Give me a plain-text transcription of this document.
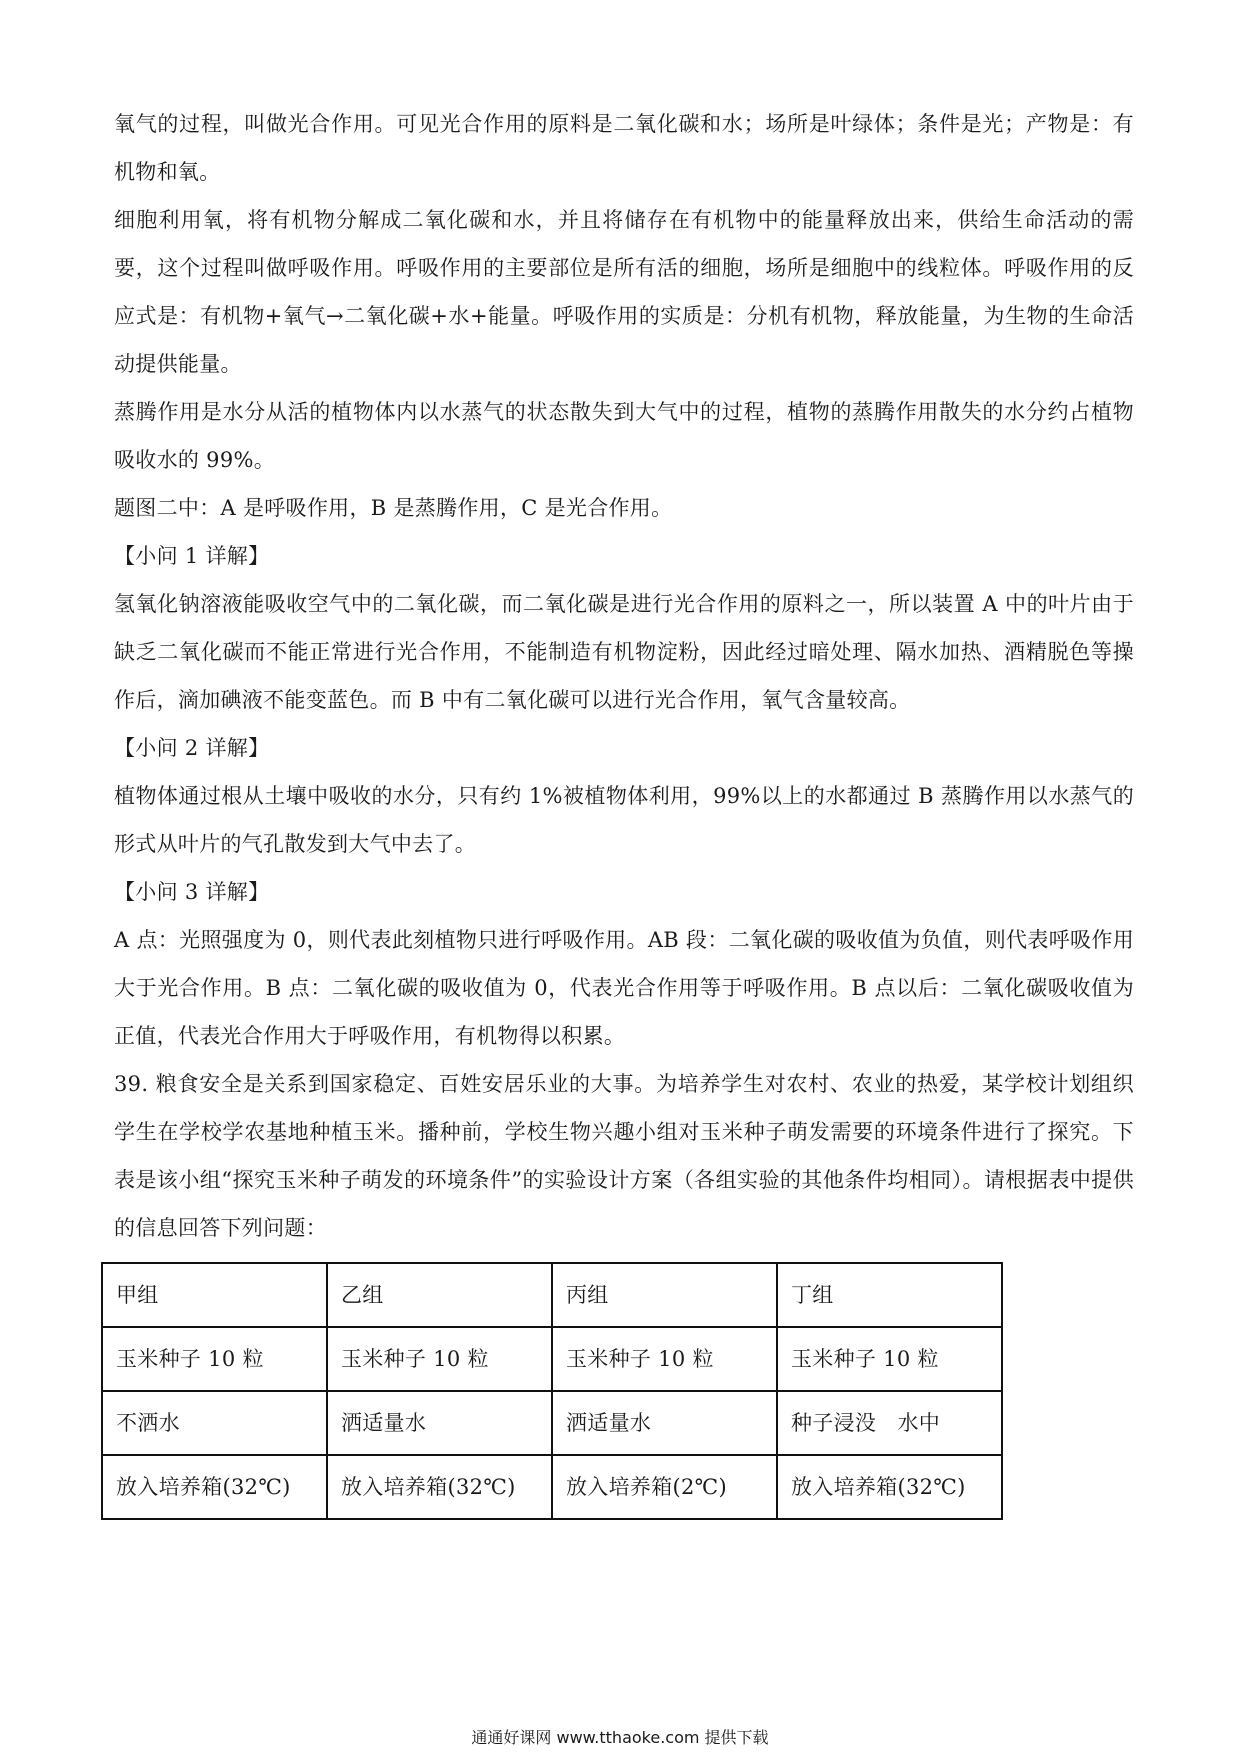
氧气的过程，叫做光合作用。可见光合作用的原料是二氧化碳和水；场所是叶绿体；条件是光；产物是：有机物和氧。

细胞利用氧，将有机物分解成二氧化碳和水，并且将储存在有机物中的能量释放出来，供给生命活动的需要，这个过程叫做呼吸作用。呼吸作用的主要部位是所有活的细胞，场所是细胞中的线粒体。呼吸作用的反应式是：有机物+氧气→二氧化碳+水+能量。呼吸作用的实质是：分机有机物，释放能量，为生物的生命活动提供能量。

蒸腾作用是水分从活的植物体内以水蒸气的状态散失到大气中的过程，植物的蒸腾作用散失的水分约占植物吸收水的 99%。

题图二中：A 是呼吸作用，B 是蒸腾作用，C 是光合作用。

【小问 1 详解】

氢氧化钠溶液能吸收空气中的二氧化碳，而二氧化碳是进行光合作用的原料之一，所以装置 A 中的叶片由于缺乏二氧化碳而不能正常进行光合作用，不能制造有机物淀粉，因此经过暗处理、隔水加热、酒精脱色等操作后，滴加碘液不能变蓝色。而 B 中有二氧化碳可以进行光合作用，氧气含量较高。

【小问 2 详解】

植物体通过根从土壤中吸收的水分，只有约 1%被植物体利用，99%以上的水都通过 B 蒸腾作用以水蒸气的形式从叶片的气孔散发到大气中去了。

【小问 3 详解】

A 点：光照强度为 0，则代表此刻植物只进行呼吸作用。AB 段：二氧化碳的吸收值为负值，则代表呼吸作用大于光合作用。B 点：二氧化碳的吸收值为 0，代表光合作用等于呼吸作用。B 点以后：二氧化碳吸收值为正值，代表光合作用大于呼吸作用，有机物得以积累。

39. 粮食安全是关系到国家稳定、百姓安居乐业的大事。为培养学生对农村、农业的热爱，某学校计划组织学生在学校学农基地种植玉米。播种前，学校生物兴趣小组对玉米种子萌发需要的环境条件进行了探究。下表是该小组“探究玉米种子萌发的环境条件”的实验设计方案（各组实验的其他条件均相同）。请根据表中提供的信息回答下列问题：

甲组	乙组	丙组	丁组
玉米种子 10 粒	玉米种子 10 粒	玉米种子 10 粒	玉米种子 10 粒
不洒水	洒适量水	洒适量水	种子浸没　水中
放入培养箱(32℃)	放入培养箱(32℃)	放入培养箱(2℃)	放入培养箱(32℃)
通通好课网 www.tthaoke.com 提供下载
